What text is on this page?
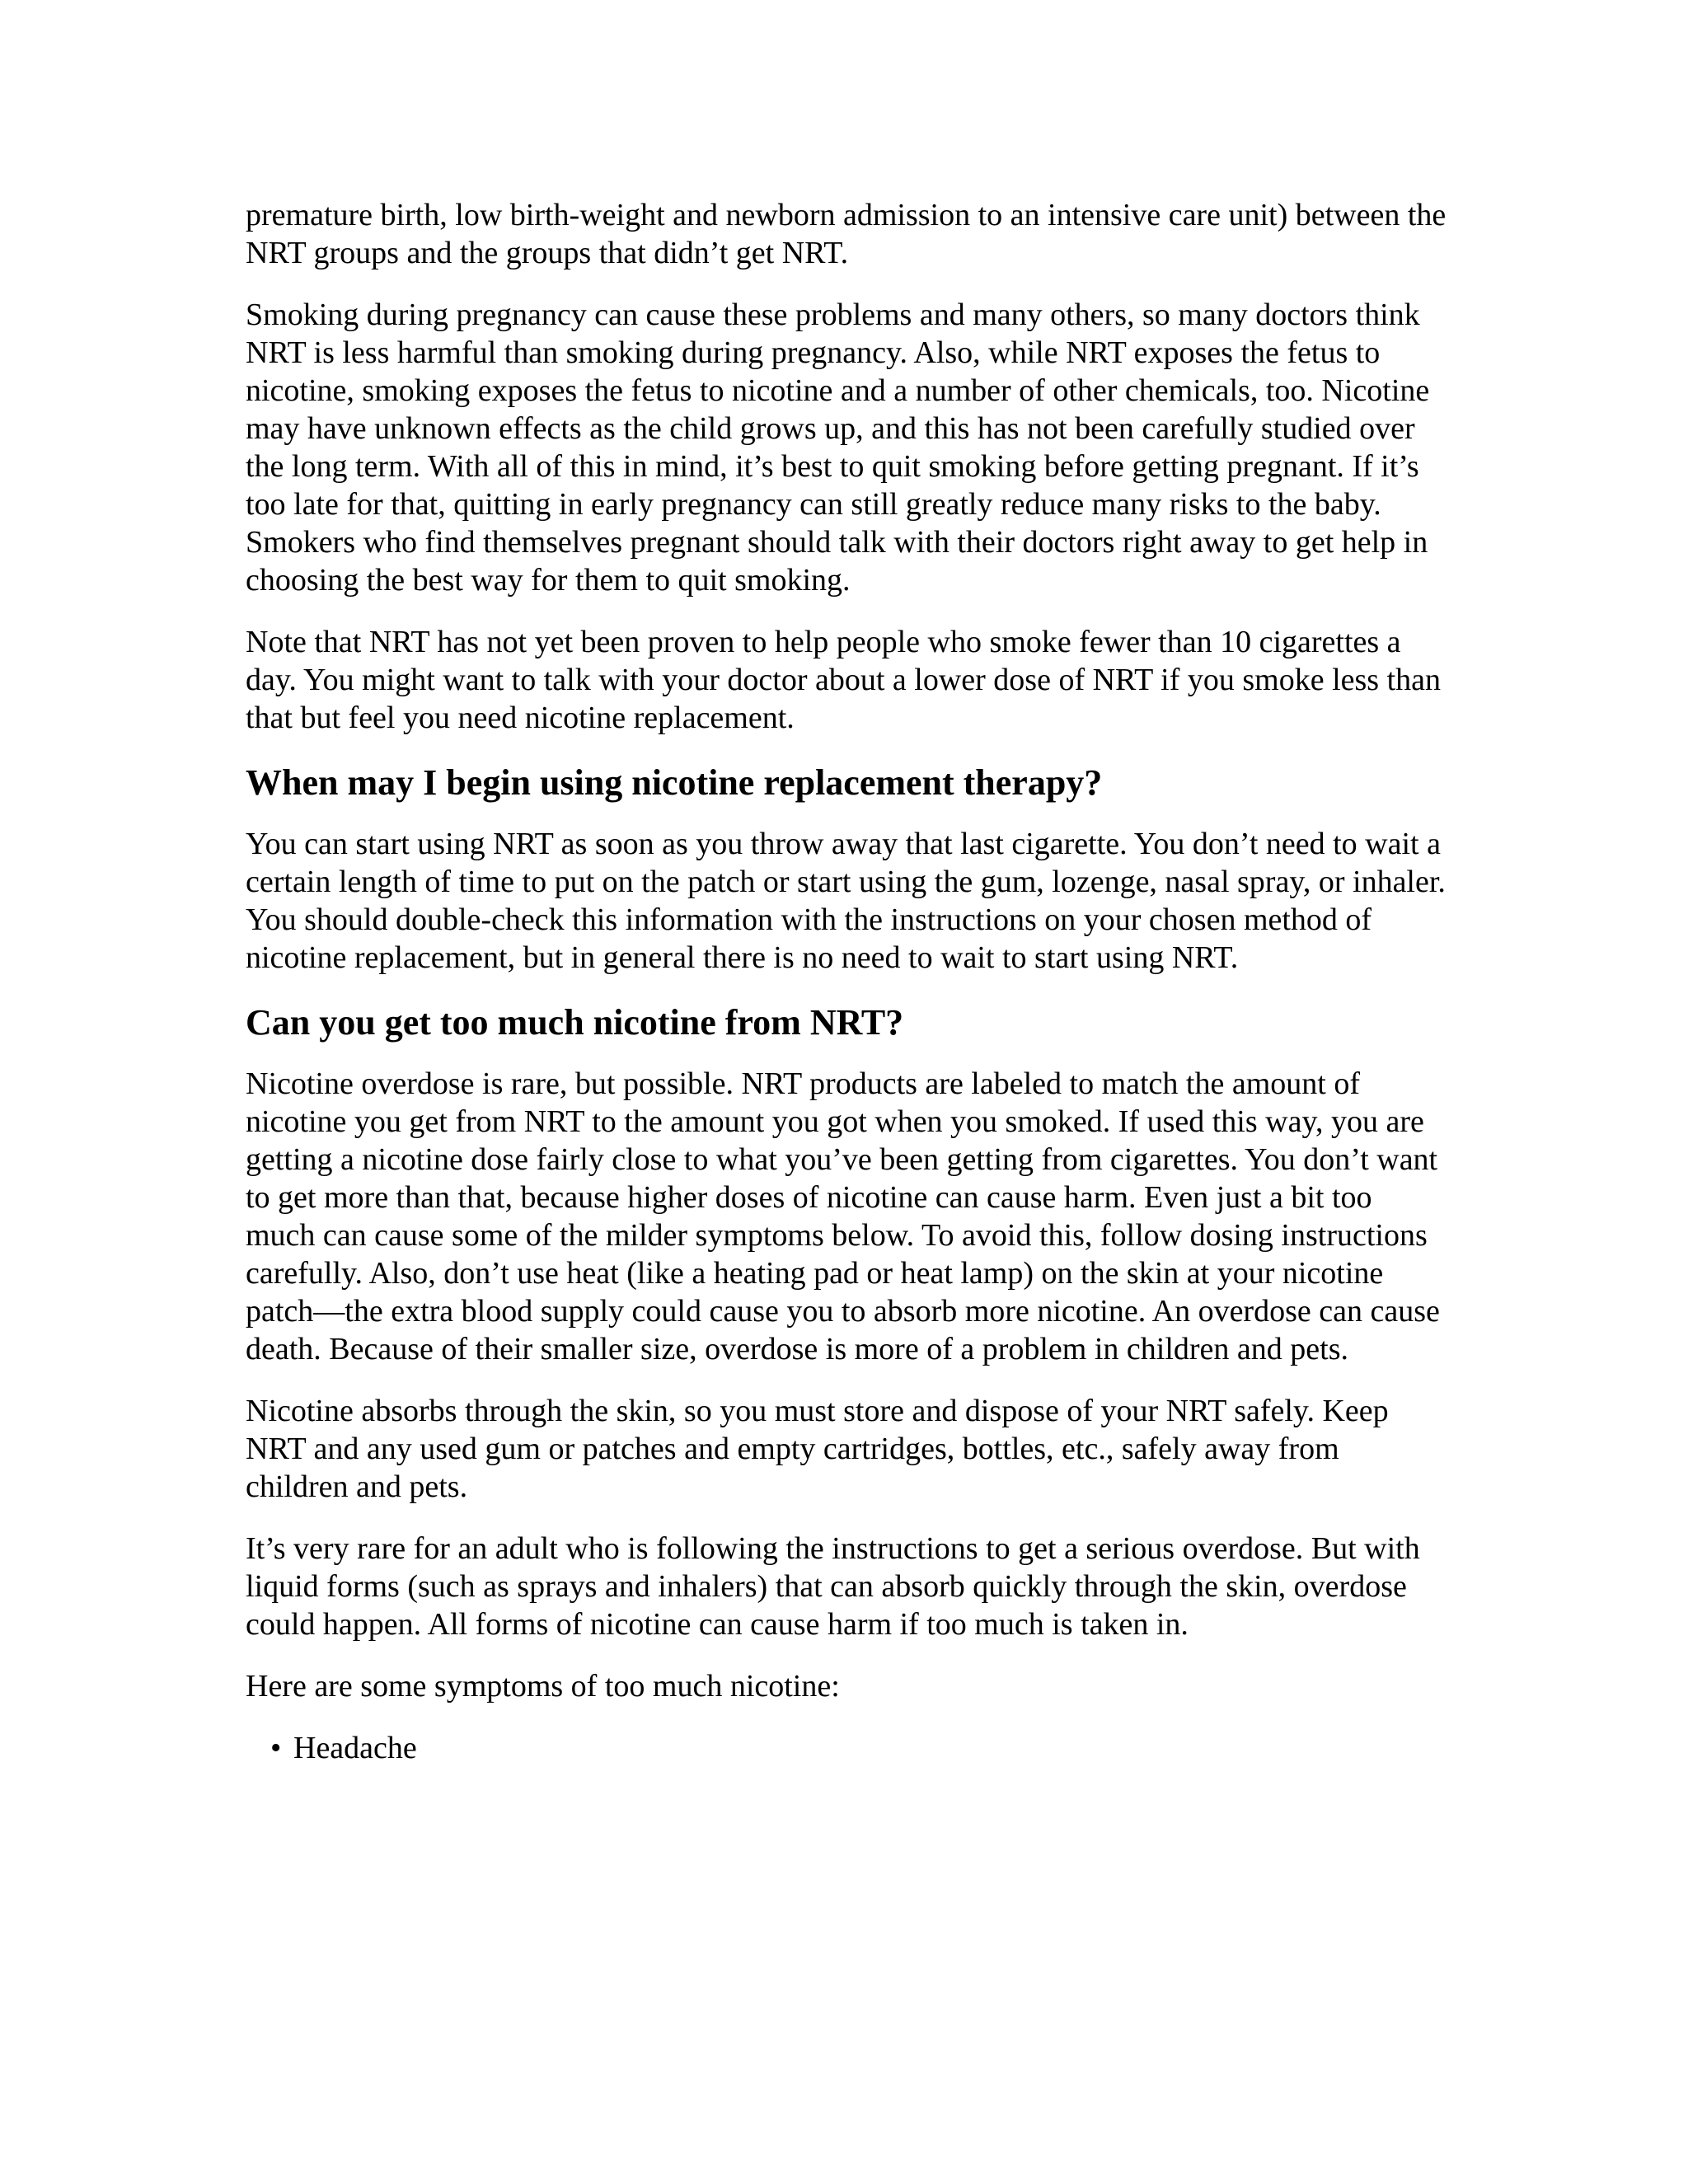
premature birth, low birth-weight and newborn admission to an intensive care unit) between the NRT groups and the groups that didn’t get NRT.

Smoking during pregnancy can cause these problems and many others, so many doctors think NRT is less harmful than smoking during pregnancy. Also, while NRT exposes the fetus to nicotine, smoking exposes the fetus to nicotine and a number of other chemicals, too. Nicotine may have unknown effects as the child grows up, and this has not been carefully studied over the long term. With all of this in mind, it’s best to quit smoking before getting pregnant. If it’s too late for that, quitting in early pregnancy can still greatly reduce many risks to the baby. Smokers who find themselves pregnant should talk with their doctors right away to get help in choosing the best way for them to quit smoking.

Note that NRT has not yet been proven to help people who smoke fewer than 10 cigarettes a day. You might want to talk with your doctor about a lower dose of NRT if you smoke less than that but feel you need nicotine replacement.

When may I begin using nicotine replacement therapy?

You can start using NRT as soon as you throw away that last cigarette. You don’t need to wait a certain length of time to put on the patch or start using the gum, lozenge, nasal spray, or inhaler. You should double-check this information with the instructions on your chosen method of nicotine replacement, but in general there is no need to wait to start using NRT.

Can you get too much nicotine from NRT?

Nicotine overdose is rare, but possible. NRT products are labeled to match the amount of nicotine you get from NRT to the amount you got when you smoked. If used this way, you are getting a nicotine dose fairly close to what you’ve been getting from cigarettes. You don’t want to get more than that, because higher doses of nicotine can cause harm. Even just a bit too much can cause some of the milder symptoms below. To avoid this, follow dosing instructions carefully. Also, don’t use heat (like a heating pad or heat lamp) on the skin at your nicotine patch—the extra blood supply could cause you to absorb more nicotine. An overdose can cause death. Because of their smaller size, overdose is more of a problem in children and pets.

Nicotine absorbs through the skin, so you must store and dispose of your NRT safely. Keep NRT and any used gum or patches and empty cartridges, bottles, etc., safely away from children and pets.

It’s very rare for an adult who is following the instructions to get a serious overdose. But with liquid forms (such as sprays and inhalers) that can absorb quickly through the skin, overdose could happen. All forms of nicotine can cause harm if too much is taken in.

Here are some symptoms of too much nicotine:

• Headache
